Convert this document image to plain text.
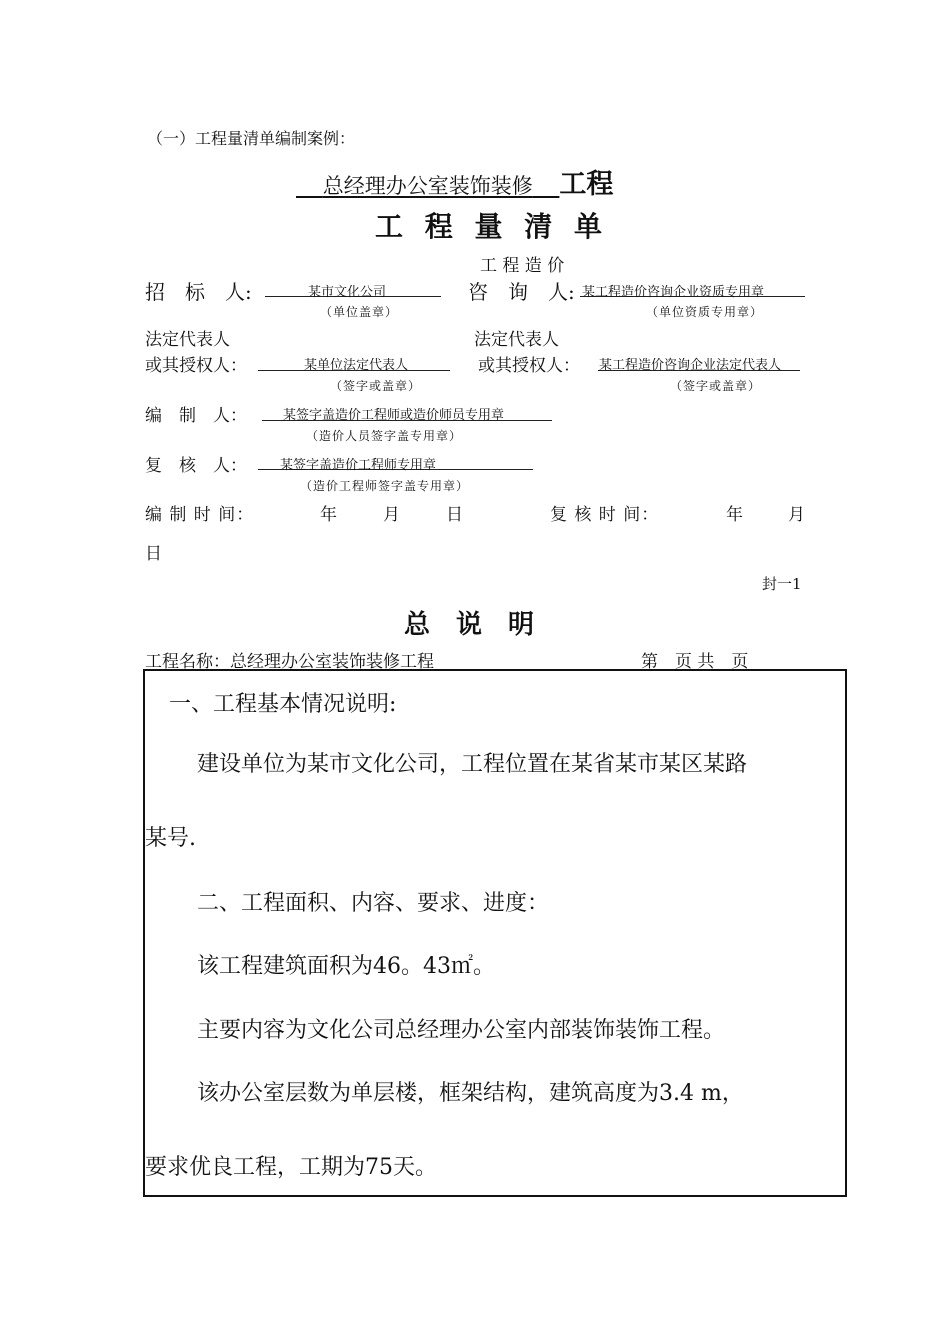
（一）工程量清单编制案例：
总经理办公室装饰装修 工程
工 程 量 清 单
工 程 造 价
招　标　人:	某市文化公司
（单位盖章）
咨　询　人: 某工程造价咨询企业资质专用章
（单位资质专用章）
法定代表人
或其授权人：	某单位法定代表人
（签字或盖章）
法定代表人
或其授权人： 某工程造价咨询企业法定代表人
（签字或盖章）
编　制　人：	某签字盖造价工程师或造价师员专用章
（造价人员签字盖专用章）
复　核　人：	某签字盖造价工程师专用章
（造价工程师签字盖专用章）
编 制 时 间：	年	月	日	复 核 时 间：	年	月
日
封一1
总　说　明
工程名称：总经理办公室装饰装修工程	第　页 共　页
一、工程基本情况说明:
建设单位为某市文化公司，工程位置在某省某市某区某路
某号.
二、工程面积、内容、要求、进度：
该工程建筑面积为46。43㎡。
主要内容为文化公司总经理办公室内部装饰装饰工程。
该办公室层数为单层楼，框架结构，建筑高度为3.4 m，
要求优良工程，工期为75天。
